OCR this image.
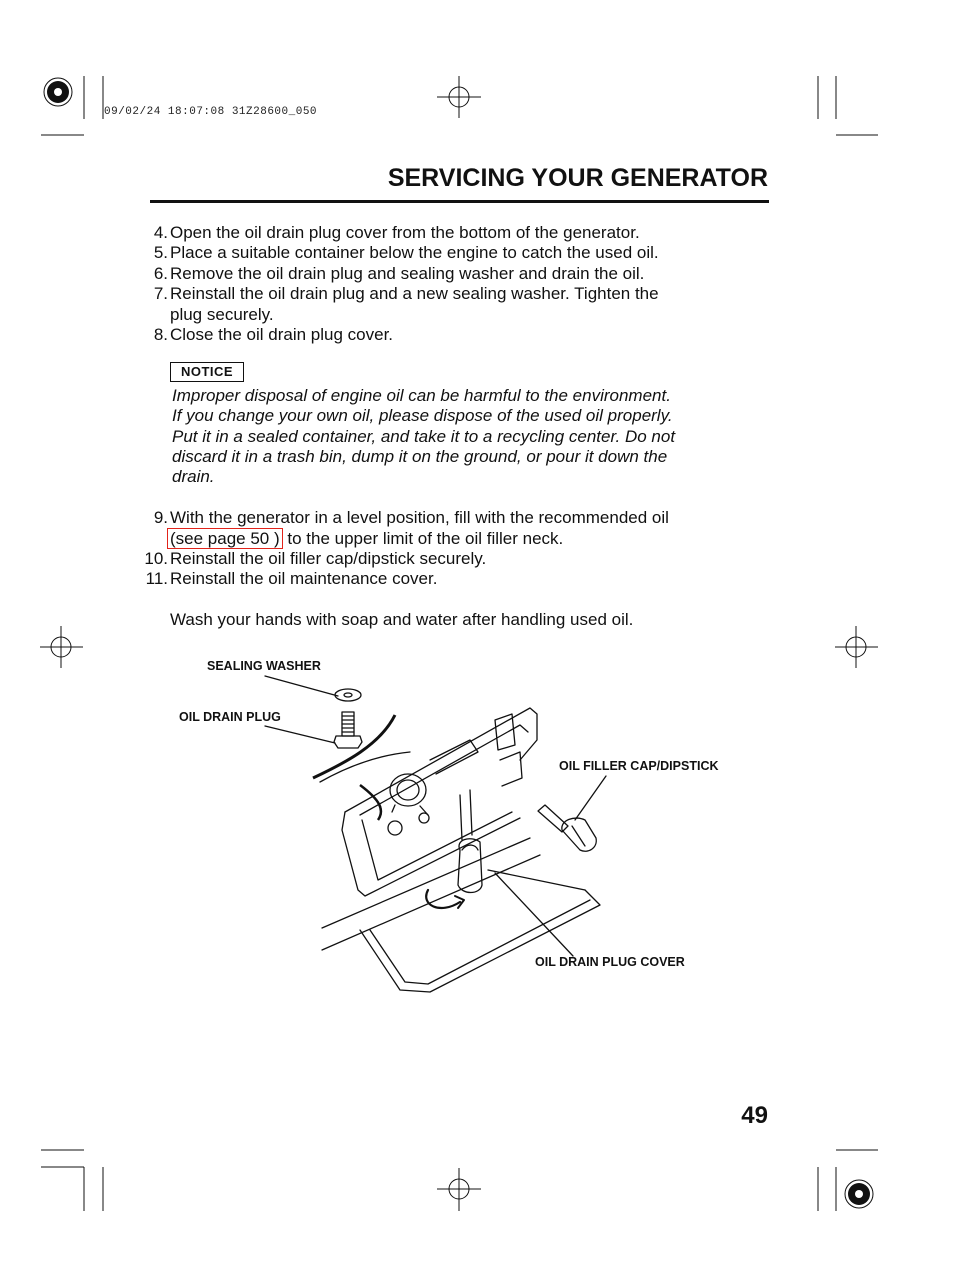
09/02/24 18:07:08 31Z28600_050
SERVICING YOUR GENERATOR
4. Open the oil drain plug cover from the bottom of the generator.
5. Place a suitable container below the engine to catch the used oil.
6. Remove the oil drain plug and sealing washer and drain the oil.
7. Reinstall the oil drain plug and a new sealing washer. Tighten the
plug securely.
8. Close the oil drain plug cover.
NOTICE
Improper disposal of engine oil can be harmful to the environment.
If you change your own oil, please dispose of the used oil properly.
Put it in a sealed container, and take it to a recycling center. Do not
discard it in a trash bin, dump it on the ground, or pour it down the
drain.
9. With the generator in a level position, fill with the recommended oil
(see page 50 ) to the upper limit of the oil filler neck.
10. Reinstall the oil filler cap/dipstick securely.
11. Reinstall the oil maintenance cover.
Wash your hands with soap and water after handling used oil.
SEALING WASHER
OIL DRAIN PLUG
OIL FILLER CAP/DIPSTICK
OIL DRAIN PLUG COVER
49
